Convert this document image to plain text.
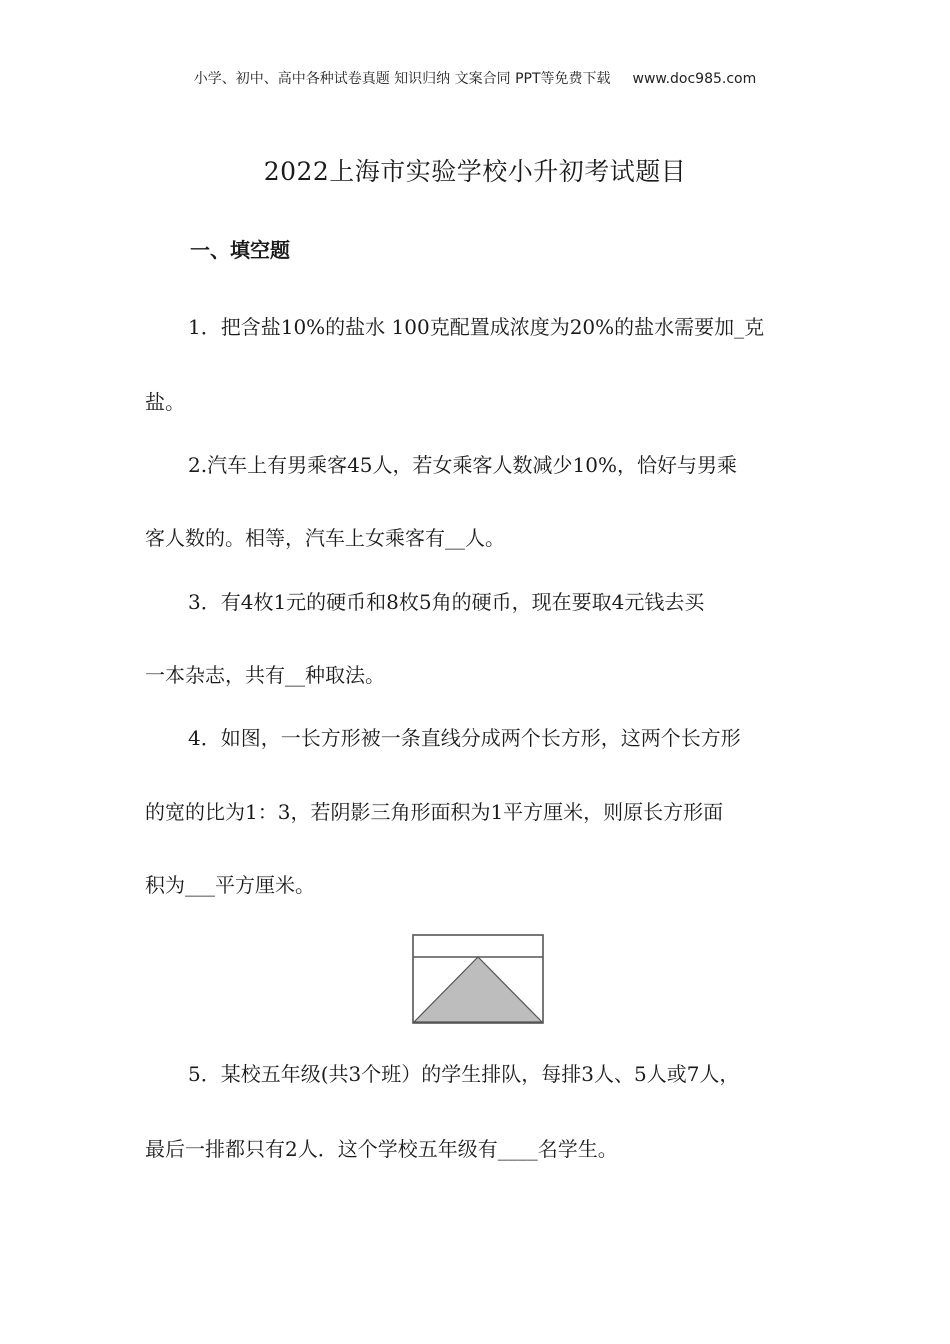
小学、初中、高中各种试卷真题 知识归纳 文案合同 PPT等免费下载 www.doc985.com
2022上海市实验学校小升初考试题目
一、填空题
1．把含盐10%的盐水 100克配置成浓度为20%的盐水需要加_克
盐。
2.汽车上有男乘客45人，若女乘客人数减少10%，恰好与男乘
客人数的。相等，汽车上女乘客有__人。
3．有4枚1元的硬币和8枚5角的硬币，现在要取4元钱去买
一本杂志，共有__种取法。
4．如图，一长方形被一条直线分成两个长方形，这两个长方形
的宽的比为1：3，若阴影三角形面积为1平方厘米，则原长方形面
积为___平方厘米。
5．某校五年级(共3个班）的学生排队，每排3人、5人或7人，
最后一排都只有2人．这个学校五年级有____名学生。
